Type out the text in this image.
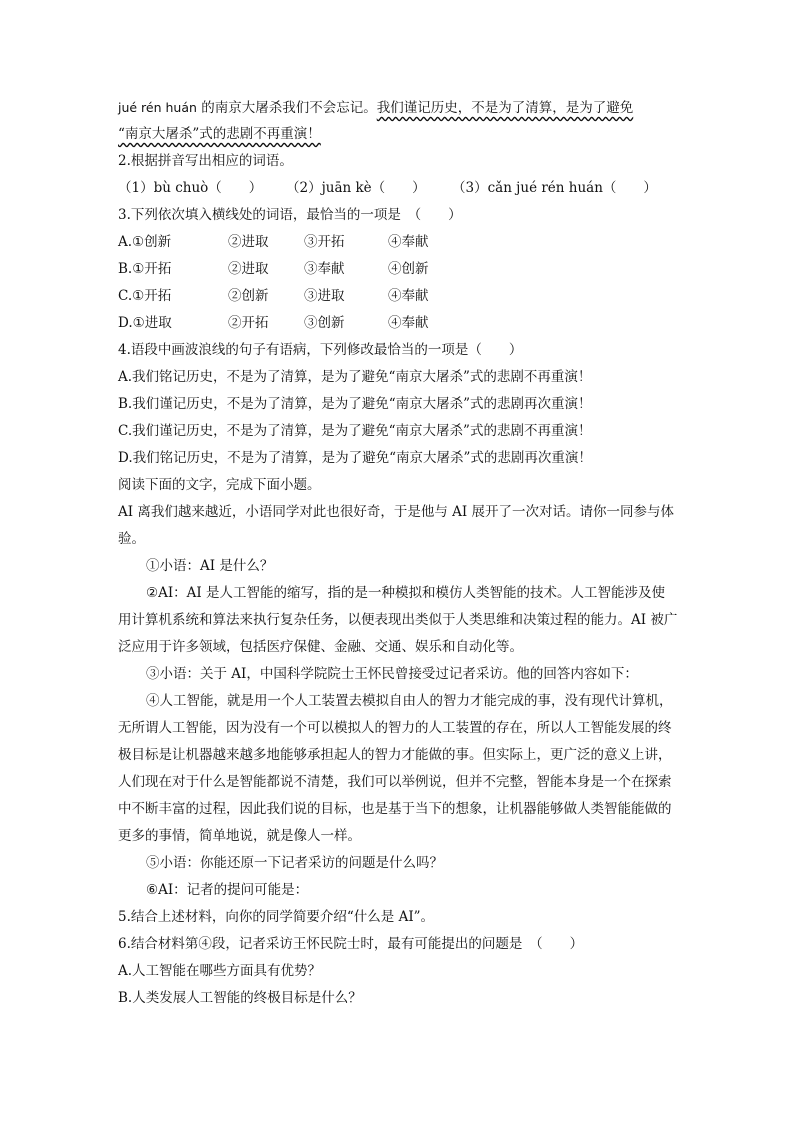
jué rén huán 的南京大屠杀我们不会忘记。我们谨记历史，不是为了清算，是为了避免
“南京大屠杀”式的悲剧不再重演！
2.根据拼音写出相应的词语。
（1）bù chuò（　　） （2）juān kè（　　） （3）cǎn jué rén huán（　　）
3.下列依次填入横线处的词语，最恰当的一项是　（　　）
A.①创新	②进取	③开拓	④奉献
B.①开拓	②进取	③奉献	④创新
C.①开拓	②创新	③进取	④奉献
D.①进取	②开拓	③创新	④奉献
4.语段中画波浪线的句子有语病，下列修改最恰当的一项是（　　）
A.我们铭记历史，不是为了清算，是为了避免“南京大屠杀”式的悲剧不再重演！
B.我们谨记历史，不是为了清算，是为了避免“南京大屠杀”式的悲剧再次重演！
C.我们谨记历史，不是为了清算，是为了避免“南京大屠杀”式的悲剧不再重演！
D.我们铭记历史，不是为了清算，是为了避免“南京大屠杀”式的悲剧再次重演！
阅读下面的文字，完成下面小题。
AI 离我们越来越近，小语同学对此也很好奇，于是他与 AI 展开了一次对话。请你一同参与体验。
①小语：AI 是什么？
②AI：AI 是人工智能的缩写，指的是一种模拟和模仿人类智能的技术。人工智能涉及使用计算机系统和算法来执行复杂任务，以便表现出类似于人类思维和决策过程的能力。AI 被广泛应用于许多领域，包括医疗保健、金融、交通、娱乐和自动化等。
③小语：关于 AI，中国科学院院士王怀民曾接受过记者采访。他的回答内容如下：
④人工智能，就是用一个人工装置去模拟自由人的智力才能完成的事，没有现代计算机，无所谓人工智能，因为没有一个可以模拟人的智力的人工装置的存在，所以人工智能发展的终极目标是让机器越来越多地能够承担起人的智力才能做的事。但实际上，更广泛的意义上讲，人们现在对于什么是智能都说不清楚，我们可以举例说，但并不完整，智能本身是一个在探索中不断丰富的过程，因此我们说的目标，也是基于当下的想象，让机器能够做人类智能能做的更多的事情，简单地说，就是像人一样。
⑤小语：你能还原一下记者采访的问题是什么吗？
⑥AI：记者的提问可能是：
5.结合上述材料，向你的同学简要介绍“什么是 AI”。
6.结合材料第④段，记者采访王怀民院士时，最有可能提出的问题是　（　　）
A.人工智能在哪些方面具有优势？
B.人类发展人工智能的终极目标是什么？
